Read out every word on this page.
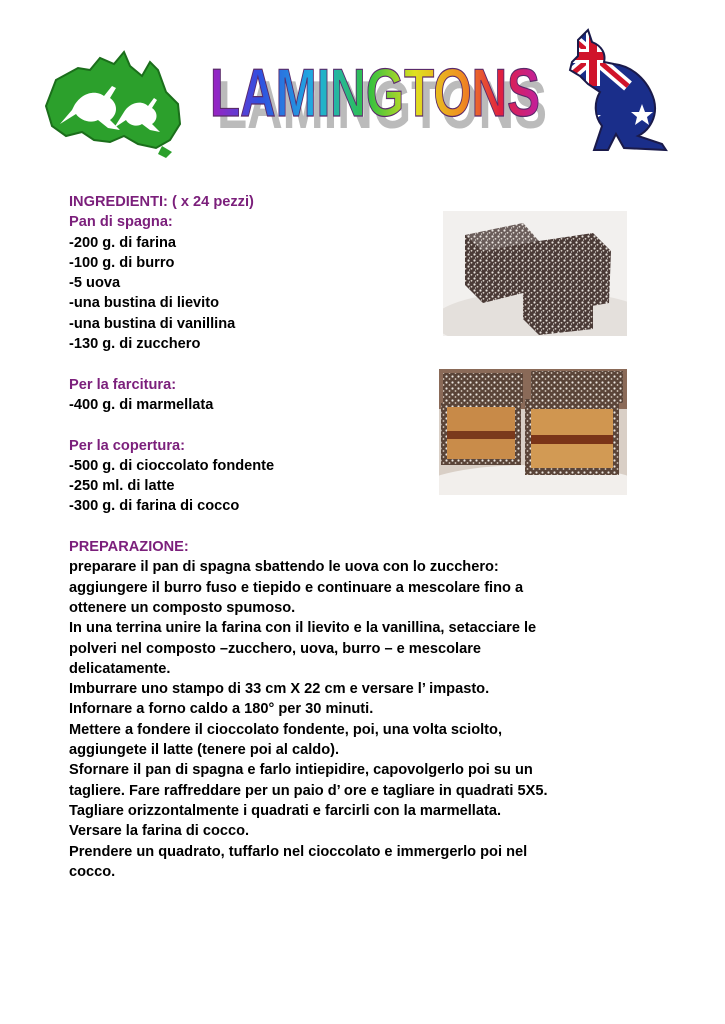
LAMINGTONS
LAMINGTONS
INGREDIENTI: ( x 24 pezzi)
Pan di spagna:
-200 g. di farina
-100 g. di burro
-5 uova
-una bustina di lievito
-una bustina di vanillina
-130 g. di zucchero
Per la farcitura:
-400 g. di marmellata
Per la copertura:
-500 g. di cioccolato fondente
-250 ml. di latte
-300 g. di farina di cocco
PREPARAZIONE:
preparare il pan di spagna sbattendo le uova con lo zucchero:
aggiungere il burro fuso e tiepido e continuare a mescolare fino a
ottenere un composto spumoso.
In una terrina unire la farina con il lievito e la vanillina, setacciare le
polveri nel composto –zucchero, uova, burro – e mescolare
delicatamente.
Imburrare uno stampo di 33 cm X 22 cm e versare l’ impasto.
Infornare a forno caldo a 180° per 30 minuti.
Mettere a fondere il cioccolato fondente, poi, una volta sciolto,
aggiungete il latte (tenere poi al caldo).
Sfornare il pan di spagna e farlo intiepidire, capovolgerlo poi su un
tagliere. Fare raffreddare per un paio d’ ore e tagliare in quadrati 5X5.
Tagliare orizzontalmente i quadrati e farcirli con la marmellata.
Versare la farina di cocco.
Prendere un quadrato, tuffarlo nel cioccolato e immergerlo poi nel
cocco.
